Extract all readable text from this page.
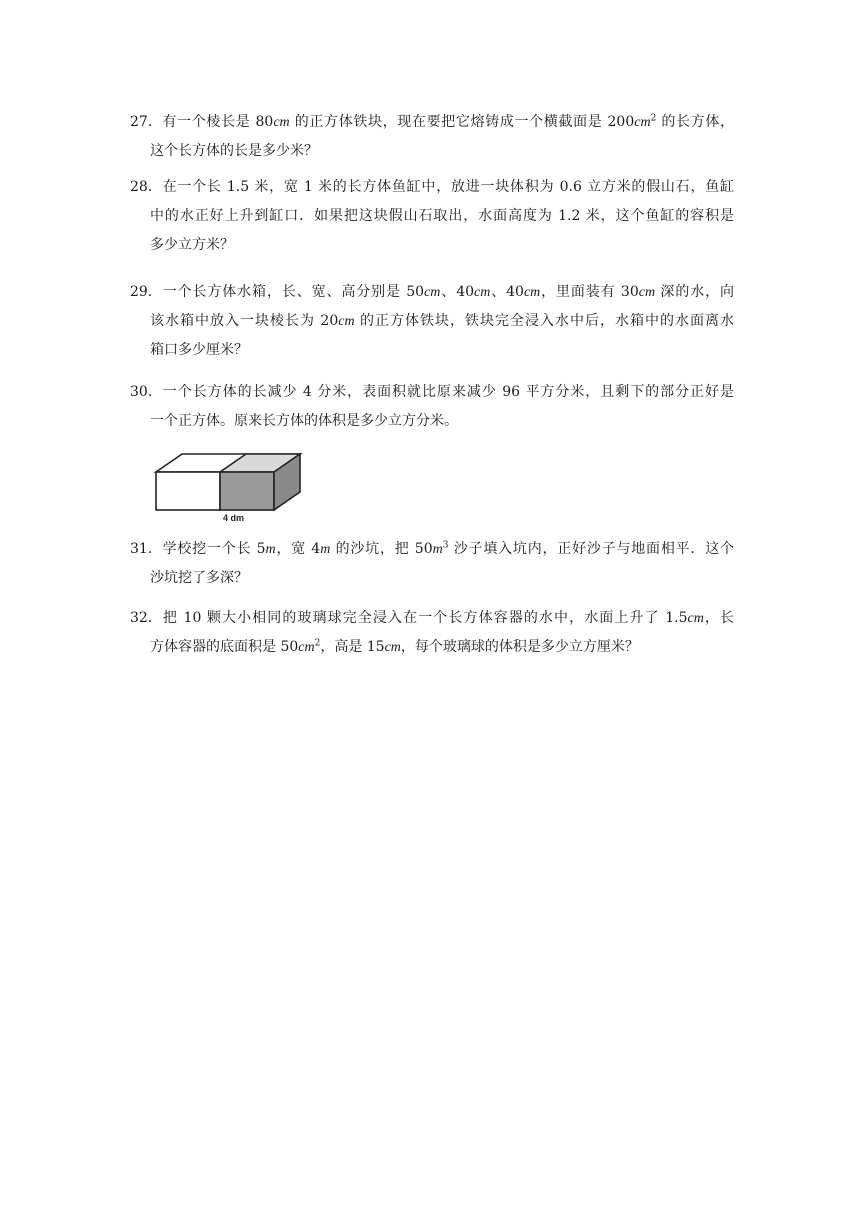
27．有一个棱长是 80cm 的正方体铁块，现在要把它熔铸成一个横截面是 $200cm^2$ 的长方体，
这个长方体的长是多少米？
28．在一个长 1.5 米，宽 1 米的长方体鱼缸中，放进一块体积为 0.6 立方米的假山石，鱼缸
中的水正好上升到缸口．如果把这块假山石取出，水面高度为 1.2 米，这个鱼缸的容积是
多少立方米？
29．一个长方体水箱，长、宽、高分别是 50cm、40cm、40cm，里面装有 30cm 深的水，向
该水箱中放入一块棱长为 20cm 的正方体铁块，铁块完全浸入水中后，水箱中的水面离水
箱口多少厘米？
30．一个长方体的长减少 4 分米，表面积就比原来减少 96 平方分米，且剩下的部分正好是
一个正方体。原来长方体的体积是多少立方分米。
4 dm
31．学校挖一个长 5m，宽 4m 的沙坑，把 $50m^3$ 沙子填入坑内，正好沙子与地面相平．这个
沙坑挖了多深？
32．把 10 颗大小相同的玻璃球完全浸入在一个长方体容器的水中，水面上升了 1.5cm，长
方体容器的底面积是 $50cm^2$，高是 15cm，每个玻璃球的体积是多少立方厘米？
